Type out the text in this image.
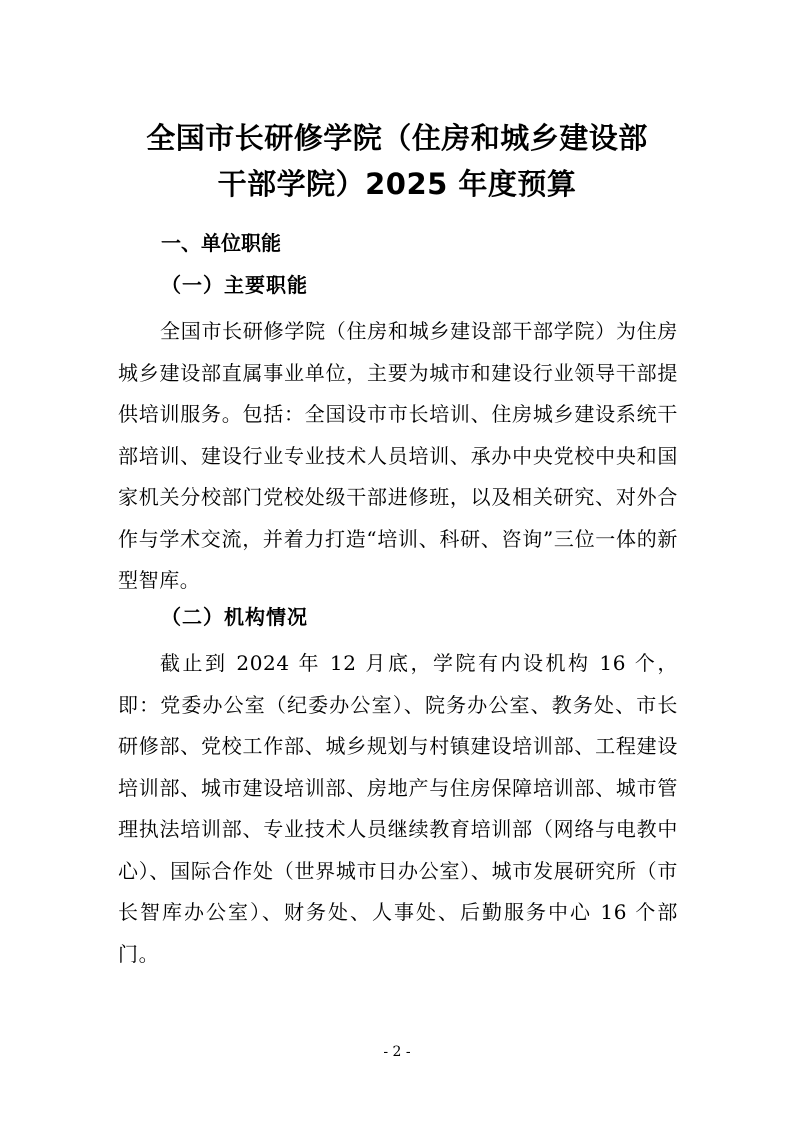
全国市长研修学院（住房和城乡建设部
干部学院）2025 年度预算
一、单位职能
（一）主要职能
全国市长研修学院（住房和城乡建设部干部学院）为住房城乡建设部直属事业单位，主要为城市和建设行业领导干部提供培训服务。包括：全国设市市长培训、住房城乡建设系统干部培训、建设行业专业技术人员培训、承办中央党校中央和国家机关分校部门党校处级干部进修班，以及相关研究、对外合作与学术交流，并着力打造“培训、科研、咨询”三位一体的新型智库。
（二）机构情况
截止到 2024 年 12 月底，学院有内设机构 16 个，即：党委办公室（纪委办公室）、院务办公室、教务处、市长研修部、党校工作部、城乡规划与村镇建设培训部、工程建设培训部、城市建设培训部、房地产与住房保障培训部、城市管理执法培训部、专业技术人员继续教育培训部（网络与电教中心）、国际合作处（世界城市日办公室）、城市发展研究所（市长智库办公室）、财务处、人事处、后勤服务中心 16 个部门。
- 2 -
